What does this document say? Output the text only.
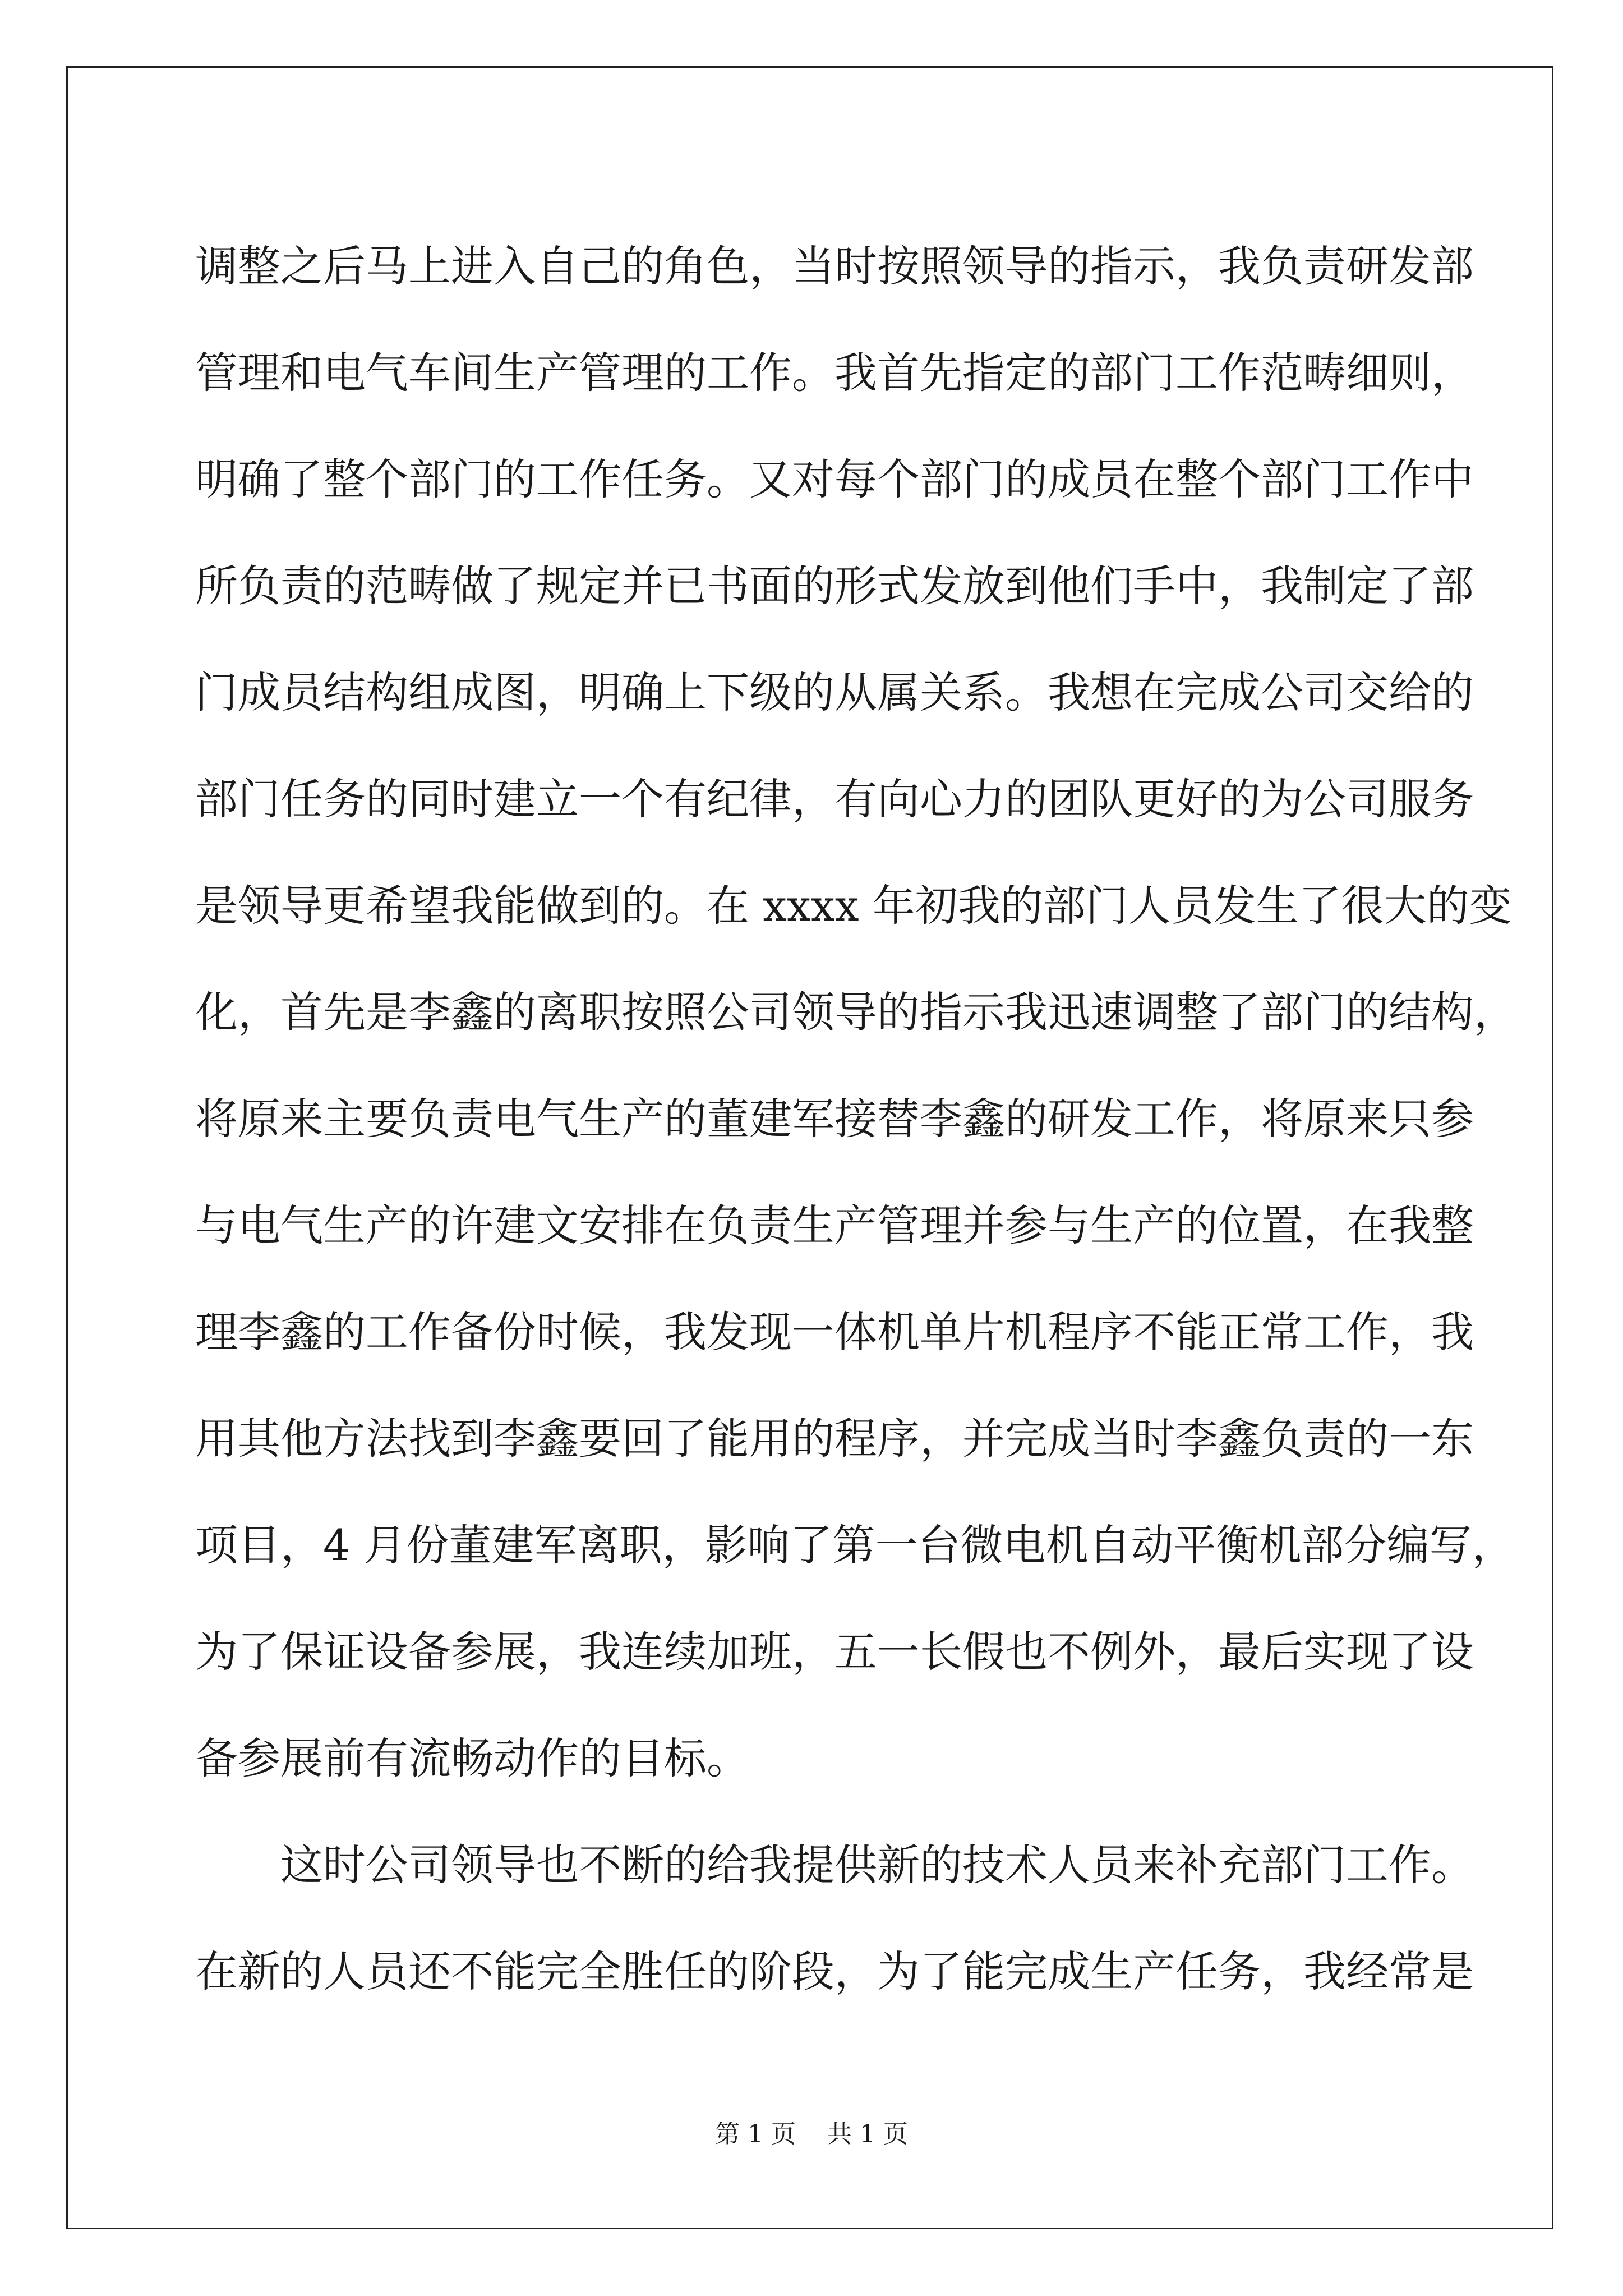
调整之后马上进入自己的角色，当时按照领导的指示，我负责研发部
管理和电气车间生产管理的工作。我首先指定的部门工作范畴细则，
明确了整个部门的工作任务。又对每个部门的成员在整个部门工作中
所负责的范畴做了规定并已书面的形式发放到他们手中，我制定了部
门成员结构组成图，明确上下级的从属关系。我想在完成公司交给的
部门任务的同时建立一个有纪律，有向心力的团队更好的为公司服务
是领导更希望我能做到的。在 xxxx 年初我的部门人员发生了很大的变
化，首先是李鑫的离职按照公司领导的指示我迅速调整了部门的结构，
将原来主要负责电气生产的董建军接替李鑫的研发工作，将原来只参
与电气生产的许建文安排在负责生产管理并参与生产的位置，在我整
理李鑫的工作备份时候，我发现一体机单片机程序不能正常工作，我
用其他方法找到李鑫要回了能用的程序，并完成当时李鑫负责的一东
项目，4 月份董建军离职，影响了第一台微电机自动平衡机部分编写，
为了保证设备参展，我连续加班，五一长假也不例外，最后实现了设
备参展前有流畅动作的目标。
这时公司领导也不断的给我提供新的技术人员来补充部门工作。
在新的人员还不能完全胜任的阶段，为了能完成生产任务，我经常是
第 1 页 共 1 页
